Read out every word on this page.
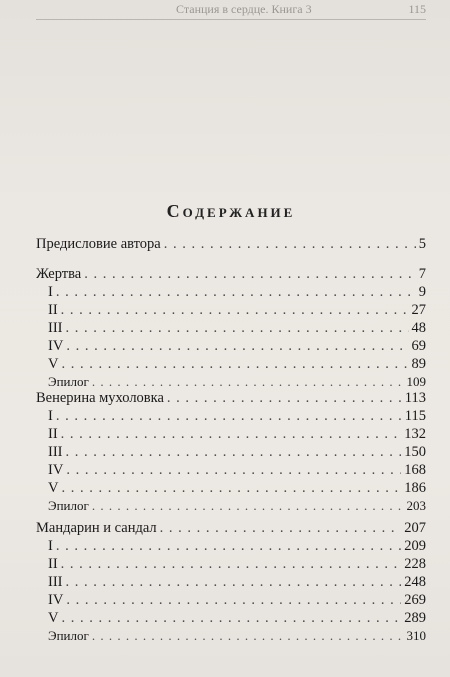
Станция в сердце. Книга 3	115
Содержание
Предисловие автора . . .	5
Жертва . . .	7
I . . .	9
II . . .	27
III . . .	48
IV . . .	69
V . . .	89
Эпилог . . .	109
Венерина мухоловка . . .	113
I . . .	115
II . . .	132
III . . .	150
IV . . .	168
V . . .	186
Эпилог . . .	203
Мандарин и сандал . . .	207
I . . .	209
II . . .	228
III . . .	248
IV . . .	269
V . . .	289
Эпилог . . .	310
